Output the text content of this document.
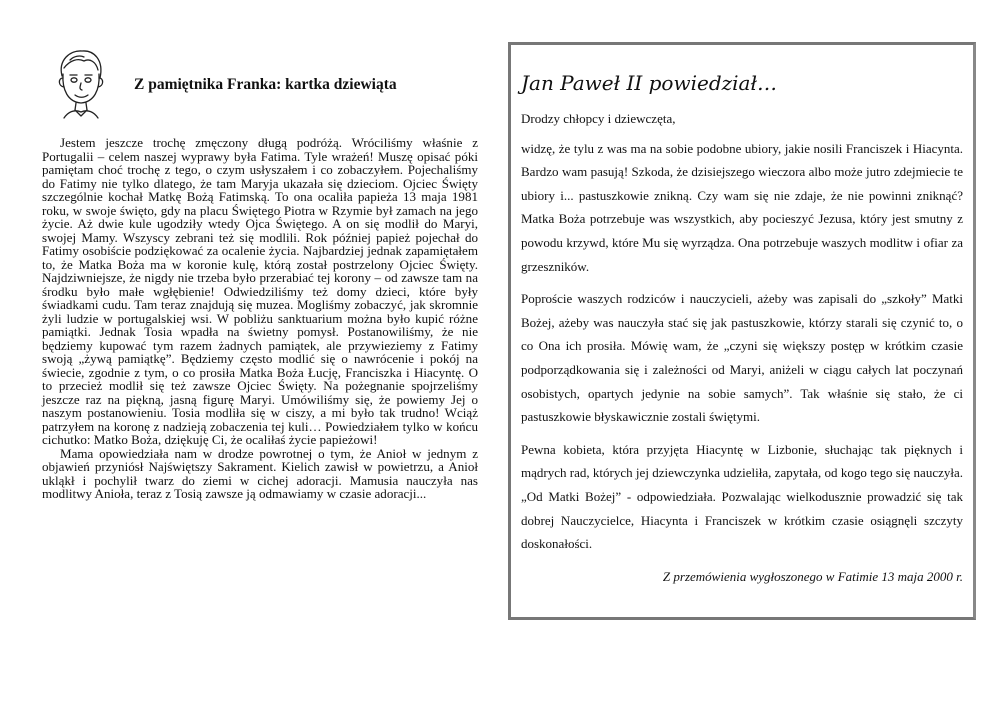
Z pamiętnika Franka: kartka dziewiąta

Jestem jeszcze trochę zmęczony długą podróżą. Wróciliśmy właśnie z Portugalii – celem naszej wyprawy była Fatima. Tyle wrażeń! Muszę opisać póki pamiętam choć trochę z tego, o czym usłyszałem i co zobaczyłem. Pojechaliśmy do Fatimy nie tylko dlatego, że tam Maryja ukazała się dzieciom. Ojciec Święty szczególnie kochał Matkę Bożą Fatimską. To ona ocaliła papieża 13 maja 1981 roku, w swoje święto, gdy na placu Świętego Piotra w Rzymie był zamach na jego życie. Aż dwie kule ugodziły wtedy Ojca Świętego. A on się modlił do Maryi, swojej Mamy. Wszyscy zebrani też się modlili. Rok później papież pojechał do Fatimy osobiście podziękować za ocalenie życia. Najbardziej jednak zapamiętałem to, że Matka Boża ma w koronie kulę, którą został postrzelony Ojciec Święty. Najdziwniejsze, że nigdy nie trzeba było przerabiać tej korony – od zawsze tam na środku było małe wgłębienie! Odwiedziliśmy też domy dzieci, które były świadkami cudu. Tam teraz znajdują się muzea. Mogliśmy zobaczyć, jak skromnie żyli ludzie w portugalskiej wsi. W pobliżu sanktuarium można było kupić różne pamiątki. Jednak Tosia wpadła na świetny pomysł. Postanowiliśmy, że nie będziemy kupować tym razem żadnych pamiątek, ale przywieziemy z Fatimy swoją „żywą pamiątkę”. Będziemy często modlić się o nawrócenie i pokój na świecie, zgodnie z tym, o co prosiła Matka Boża Łucję, Franciszka i Hiacyntę. O to przecież modlił się też zawsze Ojciec Święty. Na pożegnanie spojrzeliśmy jeszcze raz na piękną, jasną figurę Maryi. Umówiliśmy się, że powiemy Jej o naszym postanowieniu. Tosia modliła się w ciszy, a mi było tak trudno! Wciąż patrzyłem na koronę z nadzieją zobaczenia tej kuli… Powiedziałem tylko w końcu cichutko: Matko Boża, dziękuję Ci, że ocaliłaś życie papieżowi!

Mama opowiedziała nam w drodze powrotnej o tym, że Anioł w jednym z objawień przyniósł Najświętszy Sakrament. Kielich zawisł w powietrzu, a Anioł ukląkł i pochylił twarz do ziemi w cichej adoracji. Mamusia nauczyła nas modlitwy Anioła, teraz z Tosią zawsze ją odmawiamy w czasie adoracji...

Jan Paweł II powiedział…

Drodzy chłopcy i dziewczęta,

widzę, że tylu z was ma na sobie podobne ubiory, jakie nosili Franciszek i Hiacynta. Bardzo wam pasują! Szkoda, że dzisiejszego wieczora albo może jutro zdejmiecie te ubiory i... pastuszkowie znikną. Czy wam się nie zdaje, że nie powinni zniknąć? Matka Boża potrzebuje was wszystkich, aby pocieszyć Jezusa, który jest smutny z powodu krzywd, które Mu się wyrządza. Ona potrzebuje waszych modlitw i ofiar za grzeszników.

Poproście waszych rodziców i nauczycieli, ażeby was zapisali do „szkoły” Matki Bożej, ażeby was nauczyła stać się jak pastuszkowie, którzy starali się czynić to, o co Ona ich prosiła. Mówię wam, że „czyni się większy postęp w krótkim czasie podporządkowania się i zależności od Maryi, aniżeli w ciągu całych lat poczynań osobistych, opartych jedynie na sobie samych”. Tak właśnie się stało, że ci pastuszkowie błyskawicznie zostali świętymi.

Pewna kobieta, która przyjęta Hiacyntę w Lizbonie, słuchając tak pięknych i mądrych rad, których jej dziewczynka udzieliła, zapytała, od kogo tego się nauczyła. „Od Matki Bożej” - odpowiedziała. Pozwalając wielkodusznie prowadzić się tak dobrej Nauczycielce, Hiacynta i Franciszek w krótkim czasie osiągnęli szczyty doskonałości.

Z przemówienia wygłoszonego w Fatimie 13 maja 2000 r.
